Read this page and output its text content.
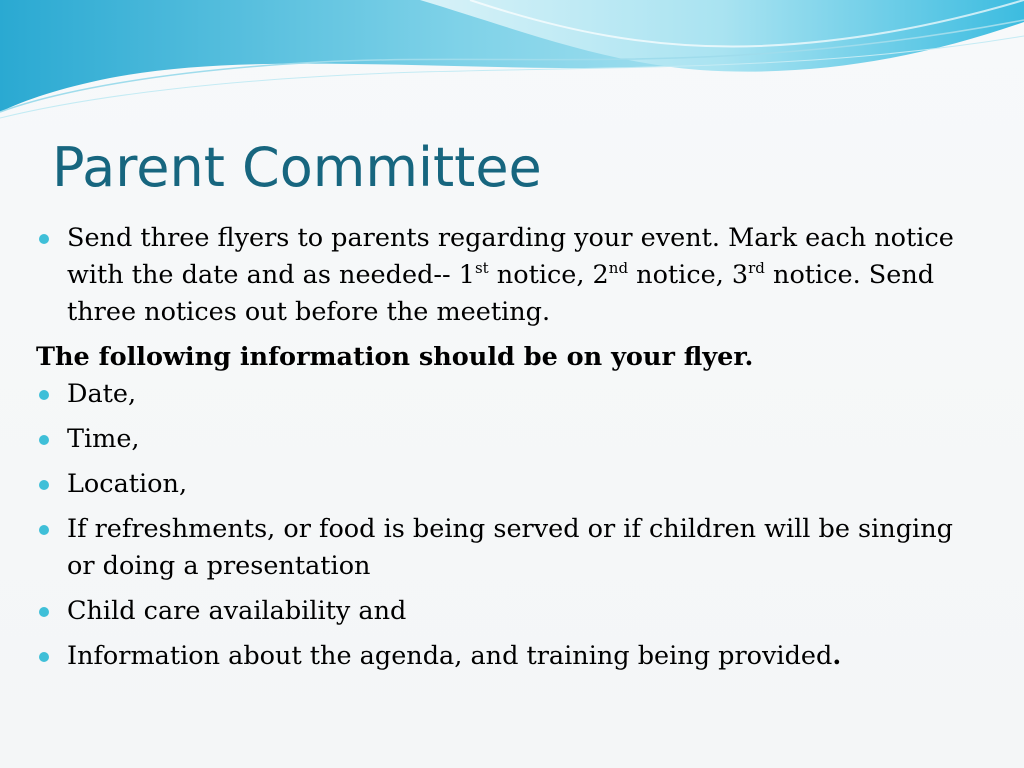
Parent Committee

Send three flyers to parents regarding your event. Mark each notice with the date and as needed-- 1st notice, 2nd notice, 3rd notice. Send three notices out before the meeting.

The following information should be on your flyer.

Date,

Time,

Location,

If refreshments, or food is being served or if children will be singing or doing a presentation

Child care availability and

Information about the agenda, and training being provided.
